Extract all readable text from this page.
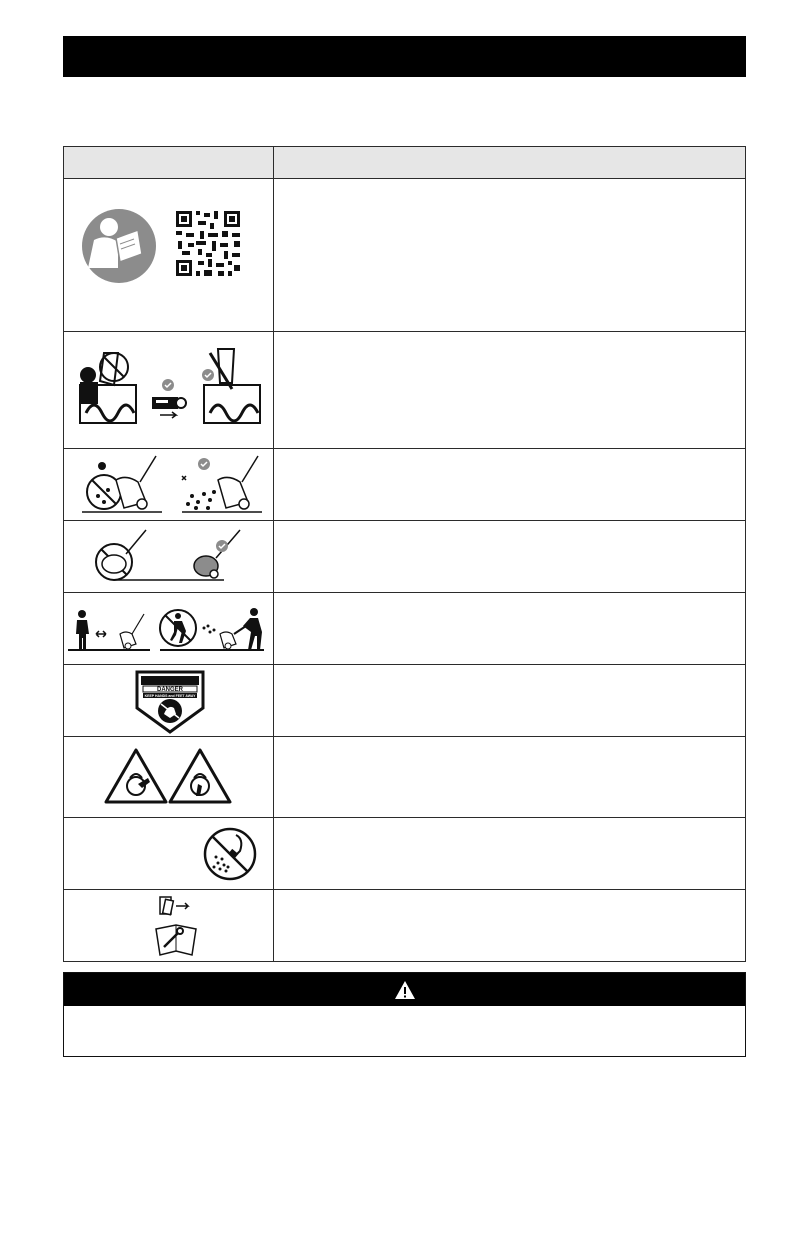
DANGER
KEEP HANDS and FEET AWAY	
